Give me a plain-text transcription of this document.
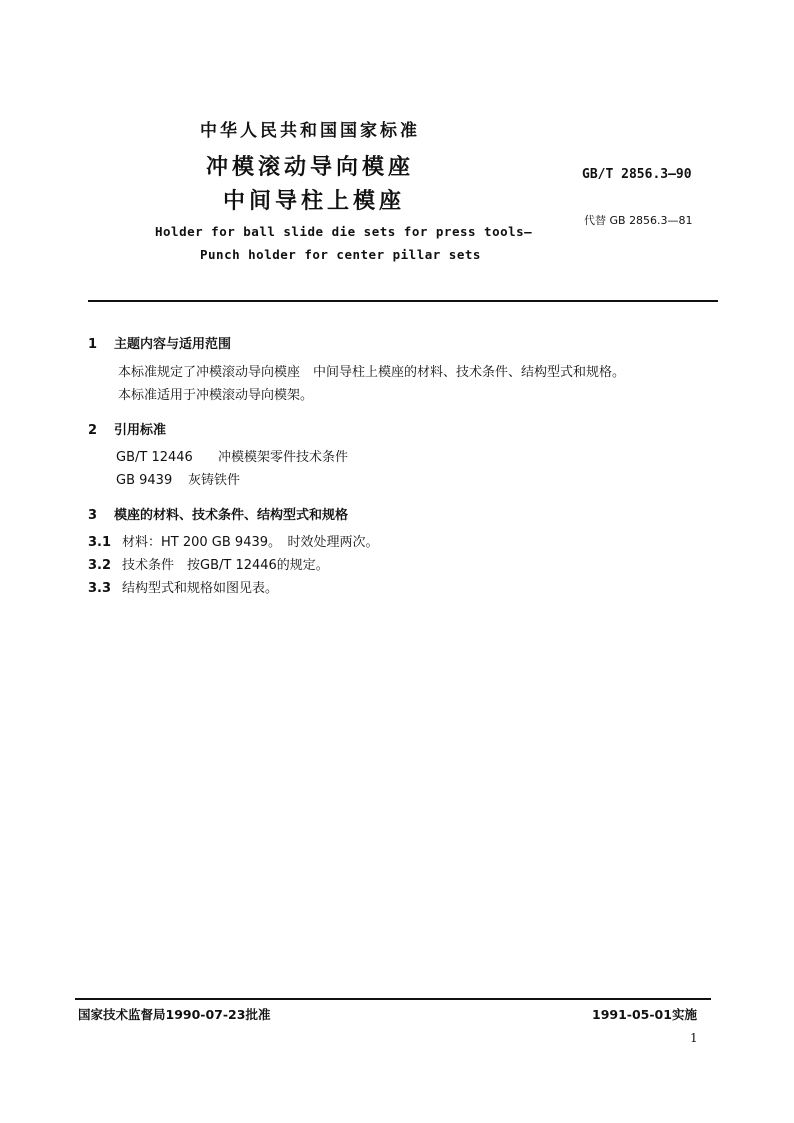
中华人民共和国国家标准
冲模滚动导向模座
中间导柱上模座
GB/T 2856.3—90
代替 GB 2856.3—81
Holder for ball slide die sets for press tools—
Punch holder for center pillar sets
1 主题内容与适用范围
本标准规定了冲模滚动导向模座　中间导柱上模座的材料、技术条件、结构型式和规格。
本标准适用于冲模滚动导向模架。
2 引用标准
GB/T 12446 冲模模架零件技术条件
GB 9439 灰铸铁件
3 模座的材料、技术条件、结构型式和规格
3.1 材料：HT 200 GB 9439。　时效处理两次。
3.2 技术条件　按GB/T 12446的规定。
3.3 结构型式和规格如图见表。
国家技术监督局1990-07-23批准	1991-05-01实施
1
